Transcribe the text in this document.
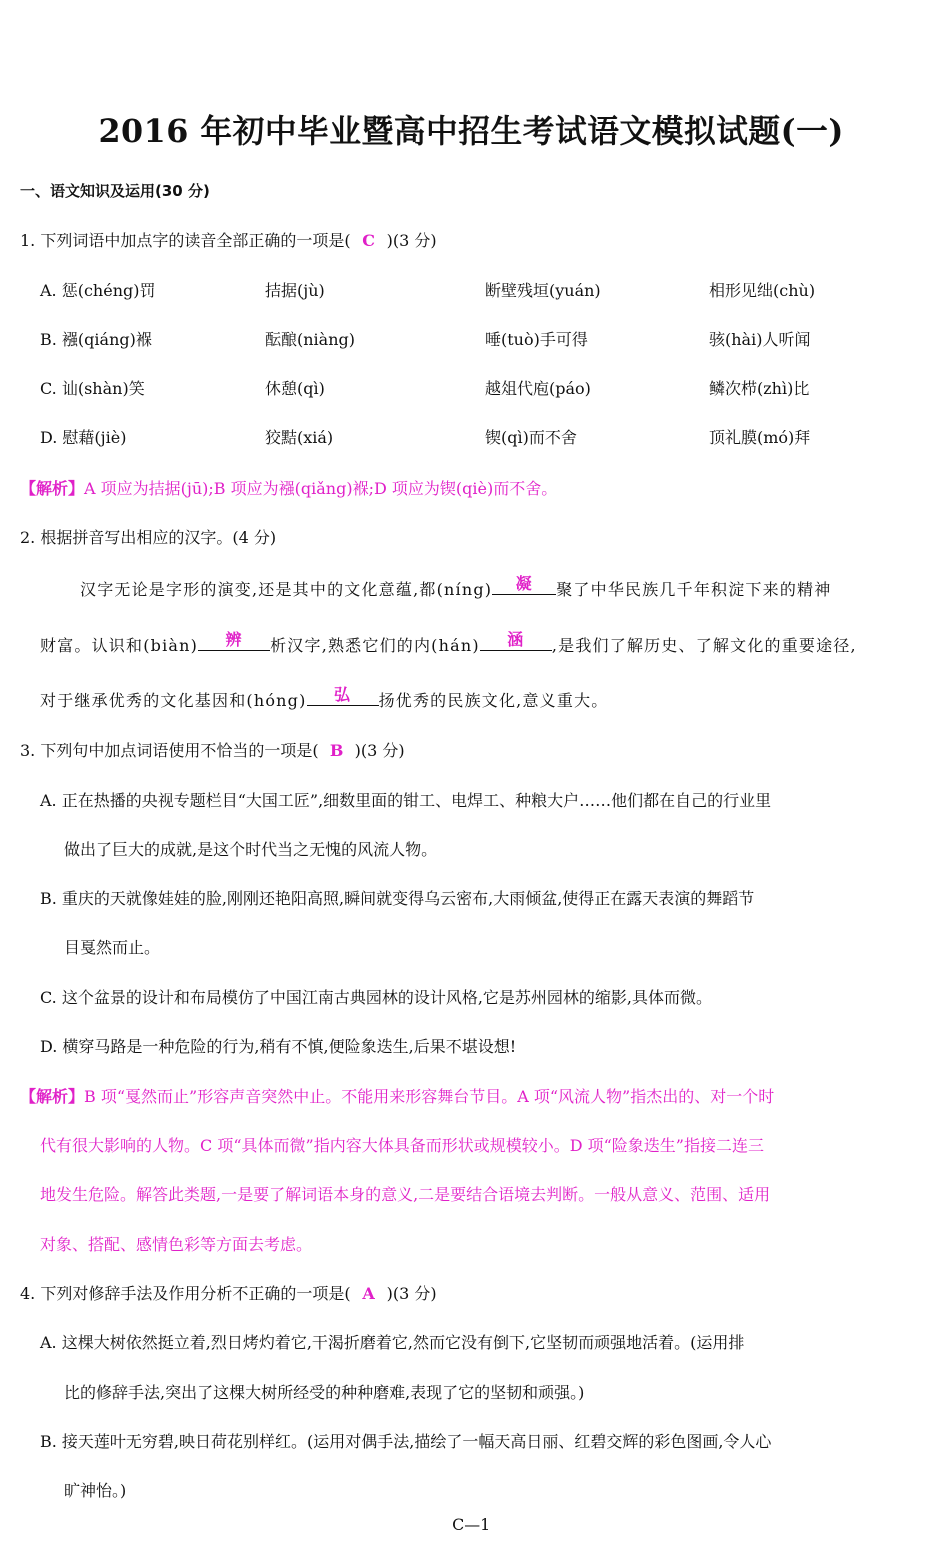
2016 年初中毕业暨高中招生考试语文模拟试题(一)
一、语文知识及运用(30 分)
1. 下列词语中加点字的读音全部正确的一项是( C )(3 分)
A. 惩(chéng)罚	拮据(jù)	断壁残垣(yuán)	相形见绌(chù)
B. 襁(qiáng)褓	酝酿(niàng)	唾(tuò)手可得	骇(hài)人听闻
C. 讪(shàn)笑	休憩(qì)	越俎代庖(páo)	鳞次栉(zhì)比
D. 慰藉(jiè)	狡黠(xiá)	锲(qì)而不舍	顶礼膜(mó)拜
【解析】A 项应为拮据(jū);B 项应为襁(qiǎng)褓;D 项应为锲(qiè)而不舍。
2. 根据拼音写出相应的汉字。(4 分)
汉字无论是字形的演变,还是其中的文化意蕴,都(níng) 凝 聚了中华民族几千年积淀下来的精神
财富。认识和(biàn) 辨 析汉字,熟悉它们的内(hán) 涵 ,是我们了解历史、了解文化的重要途径,
对于继承优秀的文化基因和(hóng) 弘 扬优秀的民族文化,意义重大。
3. 下列句中加点词语使用不恰当的一项是( B )(3 分)
A. 正在热播的央视专题栏目“大国工匠”,细数里面的钳工、电焊工、种粮大户……他们都在自己的行业里
做出了巨大的成就,是这个时代当之无愧的风流人物。
B. 重庆的天就像娃娃的脸,刚刚还艳阳高照,瞬间就变得乌云密布,大雨倾盆,使得正在露天表演的舞蹈节
目戛然而止。
C. 这个盆景的设计和布局模仿了中国江南古典园林的设计风格,它是苏州园林的缩影,具体而微。
D. 横穿马路是一种危险的行为,稍有不慎,便险象迭生,后果不堪设想!
【解析】B 项“戛然而止”形容声音突然中止。不能用来形容舞台节目。A 项“风流人物”指杰出的、对一个时
代有很大影响的人物。C 项“具体而微”指内容大体具备而形状或规模较小。D 项“险象迭生”指接二连三
地发生危险。解答此类题,一是要了解词语本身的意义,二是要结合语境去判断。一般从意义、范围、适用
对象、搭配、感情色彩等方面去考虑。
4. 下列对修辞手法及作用分析不正确的一项是( A )(3 分)
A. 这棵大树依然挺立着,烈日烤灼着它,干渴折磨着它,然而它没有倒下,它坚韧而顽强地活着。(运用排
比的修辞手法,突出了这棵大树所经受的种种磨难,表现了它的坚韧和顽强。)
B. 接天莲叶无穷碧,映日荷花别样红。(运用对偶手法,描绘了一幅天高日丽、红碧交辉的彩色图画,令人心
旷神怡。)
C—1
